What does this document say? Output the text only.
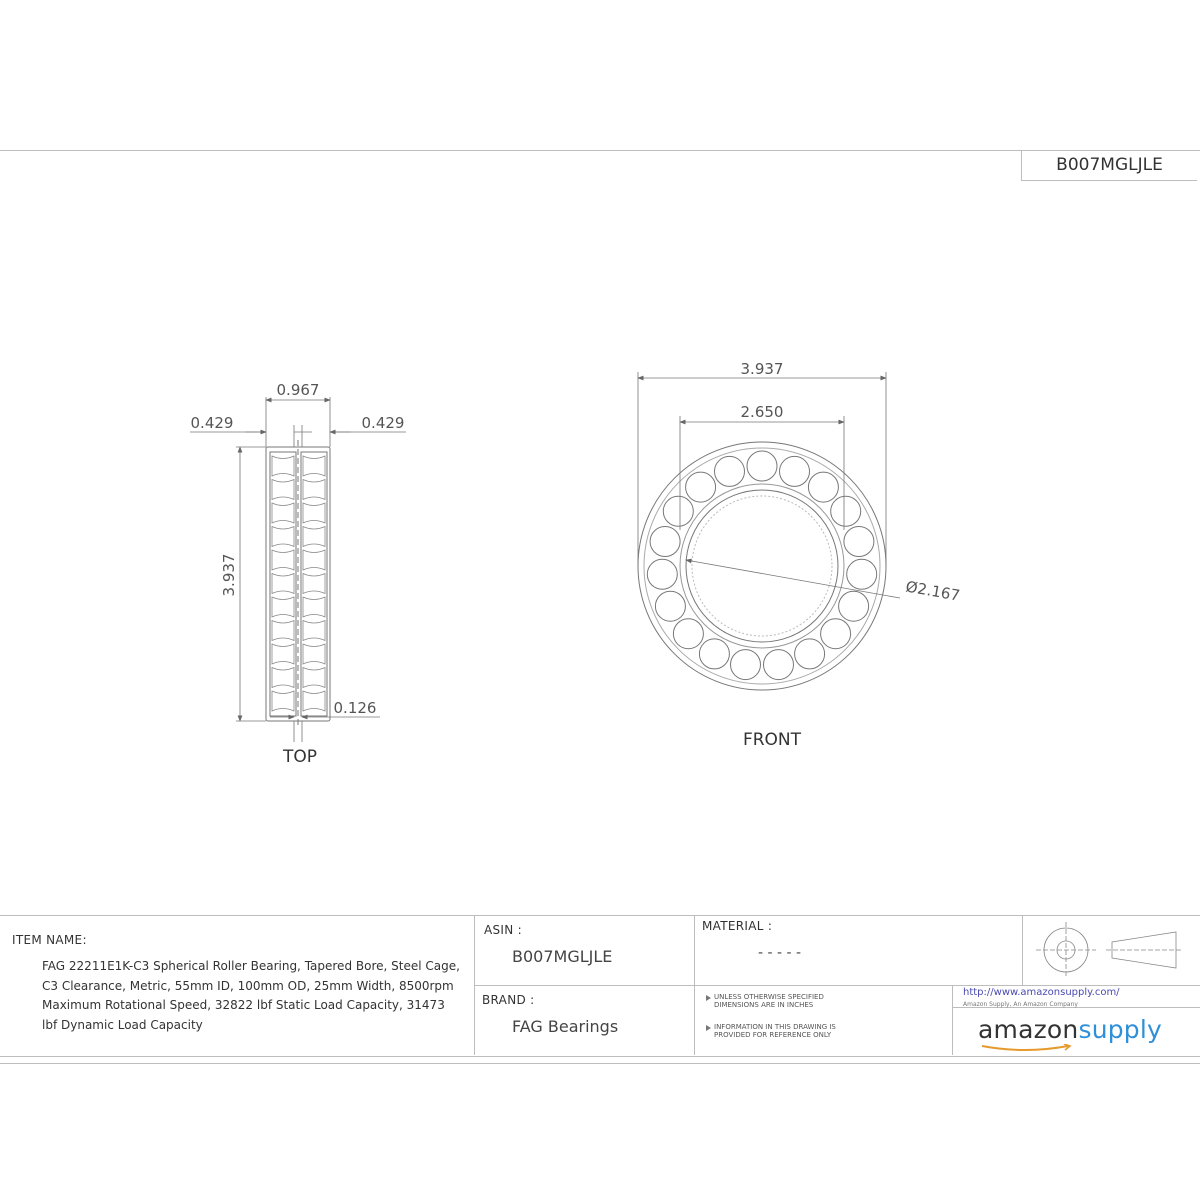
B007MGLJLE
0.967
0.429	0.429
3.937
0.126
TOP
3.937
2.650
Ø2.167
FRONT
ITEM NAME:
FAG 22211E1K-C3 Spherical Roller Bearing, Tapered Bore, Steel Cage, C3 Clearance, Metric, 55mm ID, 100mm OD, 25mm Width, 8500rpm Maximum Rotational Speed, 32822 lbf Static Load Capacity, 31473 lbf Dynamic Load Capacity
ASIN :
B007MGLJLE
MATERIAL :
- - - - -
BRAND :
FAG Bearings
UNLESS OTHERWISE SPECIFIED DIMENSIONS ARE IN INCHES
INFORMATION IN THIS DRAWING IS PROVIDED FOR REFERENCE ONLY
http://www.amazonsupply.com/
Amazon Supply, An Amazon Company
amazonsupply
